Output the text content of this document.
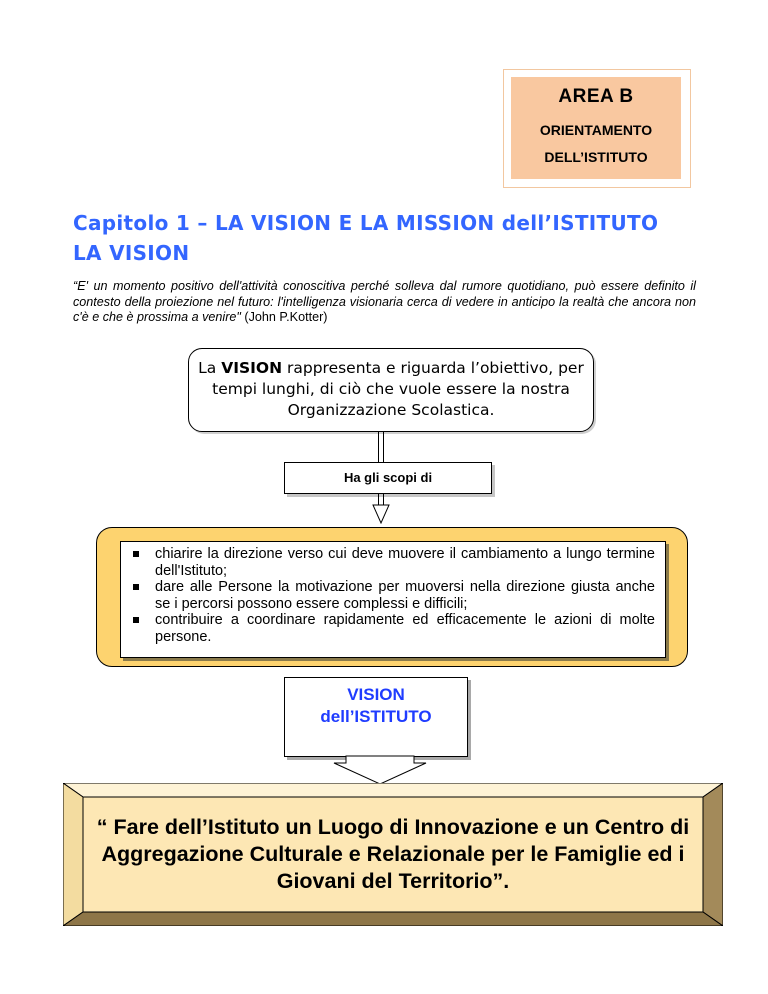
AREA B
ORIENTAMENTO
DELL’ISTITUTO
Capitolo 1 – LA VISION E LA MISSION dell’ISTITUTO
LA VISION
“E' un momento positivo dell'attività conoscitiva perché solleva dal rumore quotidiano, può essere definito il contesto della proiezione nel futuro: l'intelligenza visionaria cerca di vedere in anticipo la realtà che ancora non c'è e che è prossima a venire" (John P.Kotter)
La VISION rappresenta e riguarda l’obiettivo, per tempi lunghi, di ciò che vuole essere la nostra Organizzazione Scolastica.
Ha gli scopi di
chiarire la direzione verso cui deve muovere il cambiamento a lungo termine dell'Istituto;
dare alle Persone la motivazione per muoversi nella direzione giusta anche se i percorsi possono essere complessi e difficili;
contribuire a coordinare rapidamente ed efficacemente le azioni di molte persone.
VISION
dell’ISTITUTO
“ Fare dell’Istituto un Luogo di Innovazione e un Centro di Aggregazione Culturale e Relazionale per le Famiglie ed i Giovani del Territorio”.
